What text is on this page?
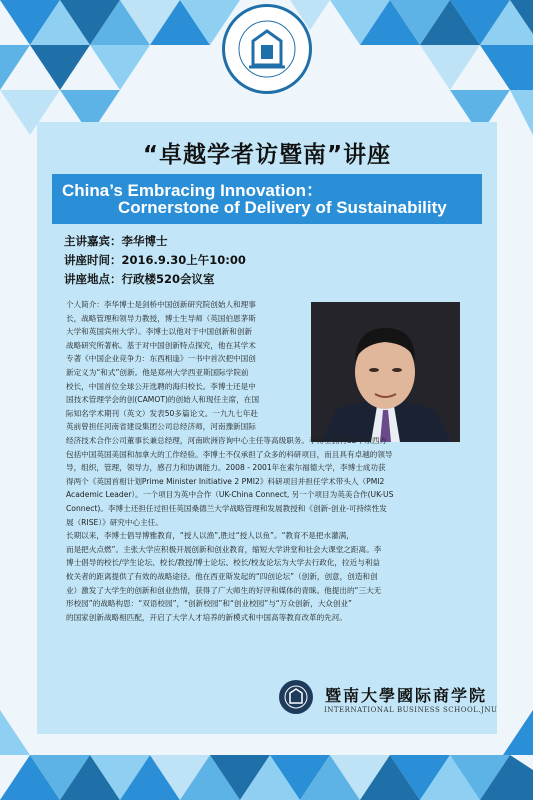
“卓越学者访暨南”讲座
China’s Embracing Innovation：
Cornerstone of Delivery of Sustainability
主讲嘉宾：李华博士
讲座时间：2016.9.30上午10:00
讲座地点：行政楼520会议室
个人简介：李华博士是剑桥中国创新研究院创始人和理事
长，战略管理和领导力教授，博士生导师（英国伯恩茅斯
大学和英国宾州大学）。李博士以他对于中国创新和创新
战略研究所著称。基于对中国创新特点探究，他在其学术
专著《中国企业竞争力：东西相逢》一书中首次把中国创
新定义为“和式”创新。他是郑州大学西亚斯国际学院前
校长，中国首位全球公开选聘的海归校长。李博士还是中
国技术管理学会的创(CAMOT)的创始人和现任主席，在国
际知名学术期刊（英文）发表50多篇论文。一九九七年赴
英前曾担任河南省建设集团公司总经济师，河南豫新国际
经济技术合作公司董事长兼总经理，河南欧洲咨询中心主任等高级职务。李博士拥有32年东西方
包括中国英国美国和加拿大的工作经验。李博士不仅承担了众多的科研项目，而且具有卓越的领导
导，组织，管理，领导力，感召力和协调能力。2008 - 2001年在索尔福德大学，李博士成功获
得两个《英国首相计划Prime Minister Initiative 2 PMI2》科研项目并担任学术带头人（PMI2
Academic Leader）。一个项目为英中合作（UK-China Connect, 另一个项目为英美合作(UK-US
Connect)。李博士还担任过担任英国桑德兰大学战略管理和发展教授和《创新-创业-可持续性发
展（RISE）》研究中心主任。
长期以来，李博士倡导博雅教育，“授人以渔”,胜过“授人以鱼”。“教育不是把水灌满，
而是把火点燃”。主张大学应积极开展创新和创业教育，缩短大学讲堂和社会大课堂之距离。李
博士倡导的校长/学生论坛、校长/教授/博士论坛、校长/校友论坛为大学去行政化，拉近与利益
攸关者的距离提供了有效的战略途径。他在西亚斯发起的“四创论坛”（创新，创意，创造和创
业）激发了大学生的创新和创业热情，获得了广大师生的好评和媒体的青睐。他提出的“三大无
形校园”的战略构思：“双语校园”，“创新校园”和“创业校园”与“万众创新，大众创业”
的国家创新战略相匹配，开启了大学人才培养的新模式和中国高等教育改革的先河。
暨南大學國际商学院
INTERNATIONAL BUSINESS SCHOOL.JNU
